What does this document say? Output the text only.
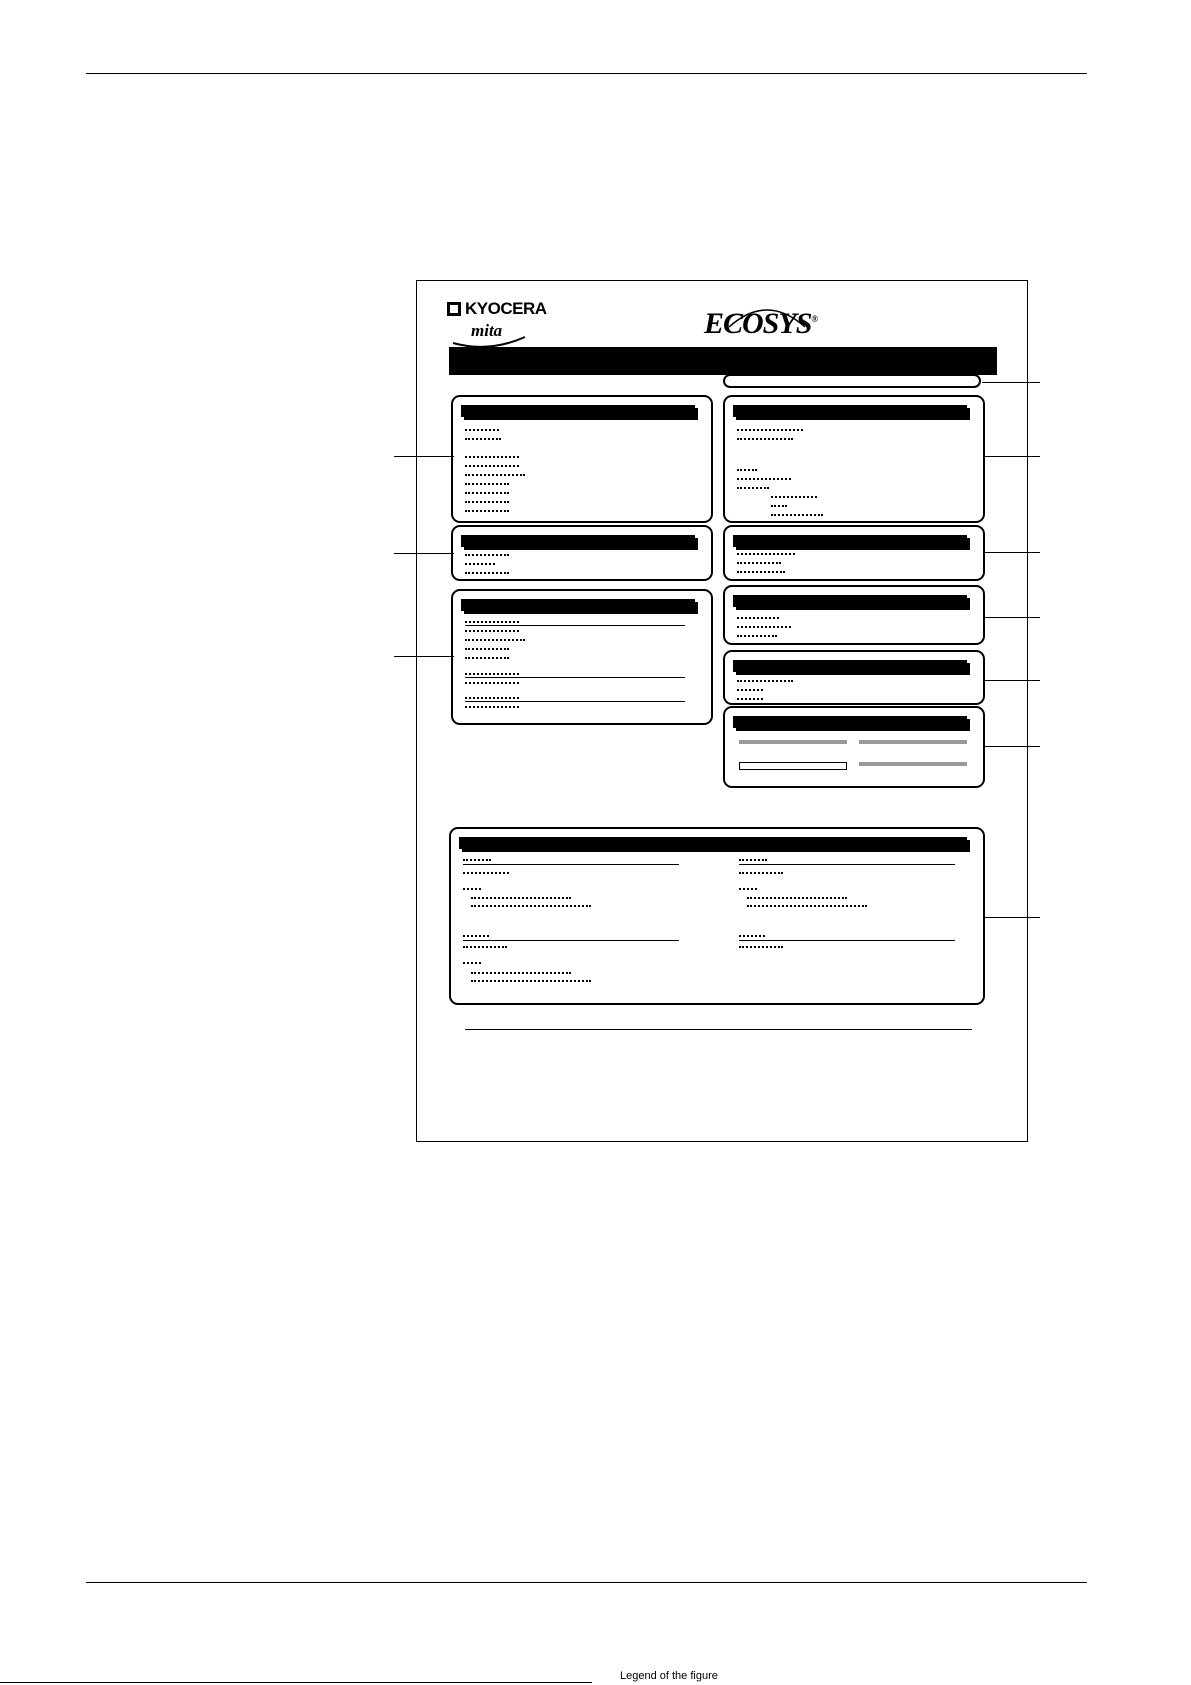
KYOCERA
mita	ECOSYS®
Legend of the figure
